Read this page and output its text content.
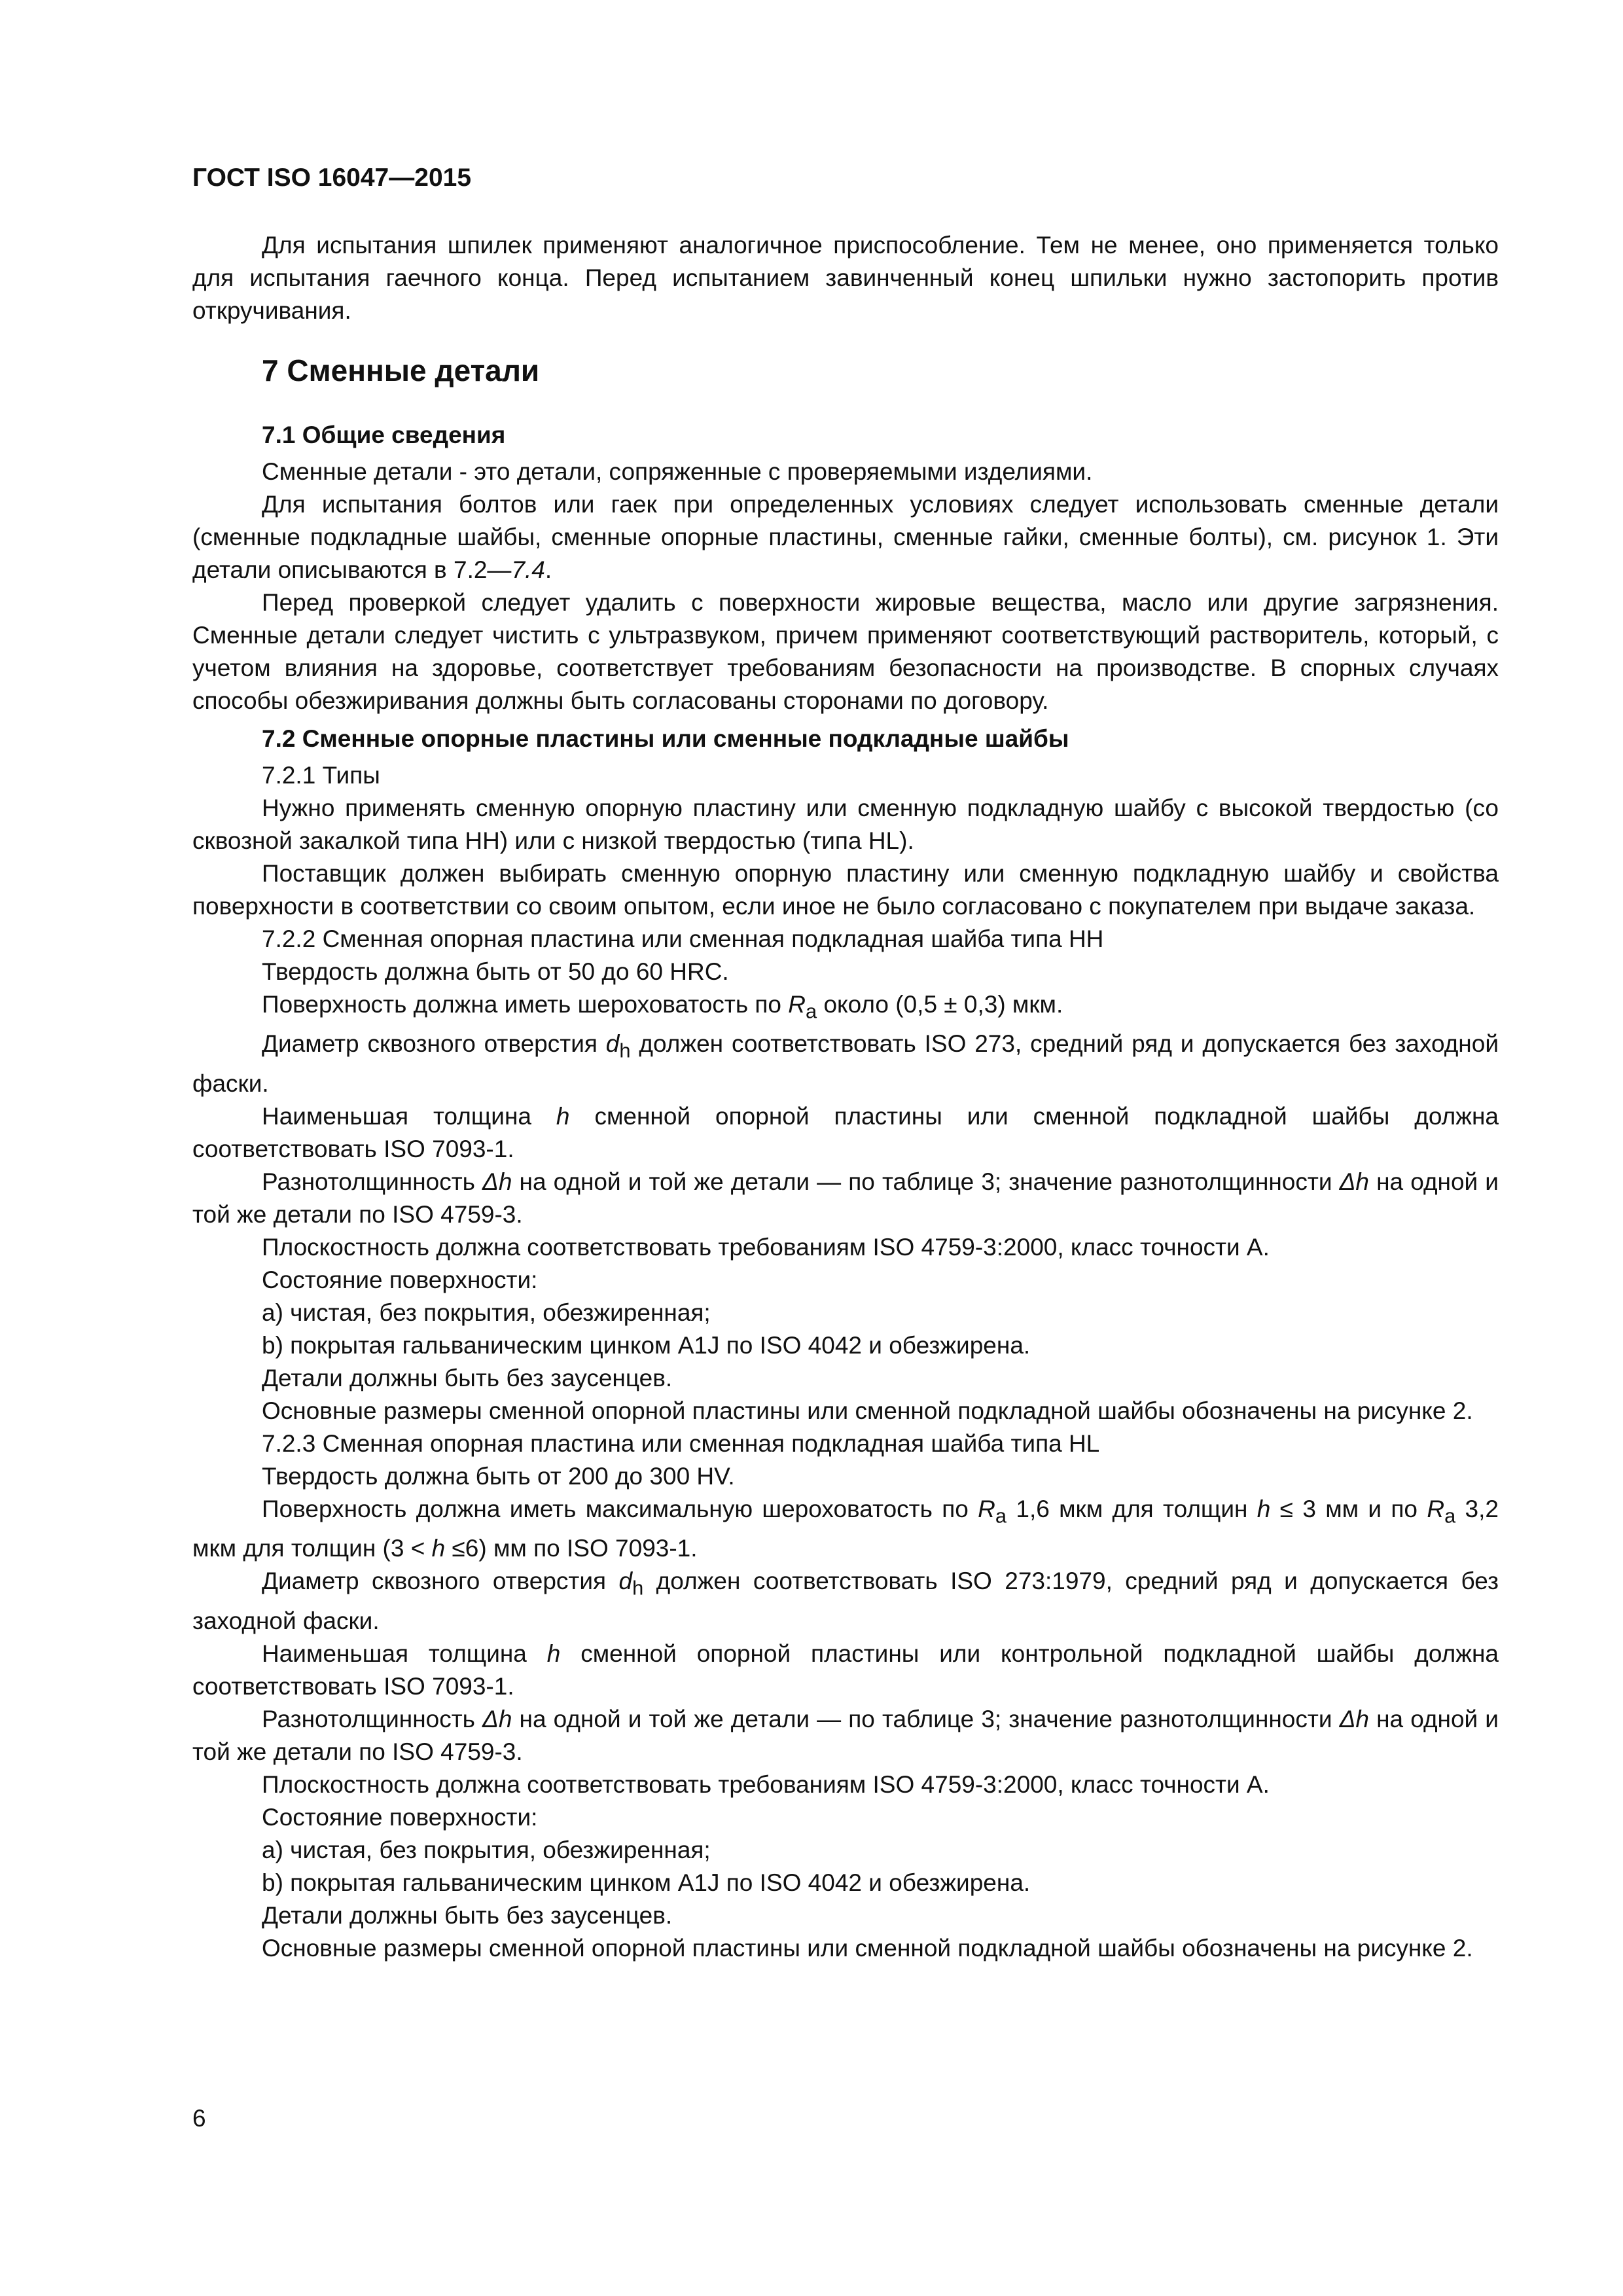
ГОСТ ISO 16047—2015

Для испытания шпилек применяют аналогичное приспособление. Тем не менее, оно применяется только для испытания гаечного конца. Перед испытанием завинченный конец шпильки нужно застопорить против откручивания.

7 Сменные детали
7.1 Общие сведения

Сменные детали - это детали, сопряженные с проверяемыми изделиями.

Для испытания болтов или гаек при определенных условиях следует использовать сменные детали (сменные подкладные шайбы, сменные опорные пластины, сменные гайки, сменные болты), см. рисунок 1. Эти детали описываются в 7.2—7.4.

Перед проверкой следует удалить с поверхности жировые вещества, масло или другие загрязнения. Сменные детали следует чистить с ультразвуком, причем применяют соответствующий растворитель, который, с учетом влияния на здоровье, соответствует требованиям безопасности на производстве. В спорных случаях способы обезжиривания должны быть согласованы сторонами по договору.

7.2 Сменные опорные пластины или сменные подкладные шайбы

7.2.1 Типы

Нужно применять сменную опорную пластину или сменную подкладную шайбу с высокой твердостью (со сквозной закалкой типа HH) или с низкой твердостью (типа HL).

Поставщик должен выбирать сменную опорную пластину или сменную подкладную шайбу и свойства поверхности в соответствии со своим опытом, если иное не было согласовано с покупателем при выдаче заказа.

7.2.2 Сменная опорная пластина или сменная подкладная шайба типа HH

Твердость должна быть от 50 до 60 HRC.

Поверхность должна иметь шероховатость по $R_a$ около (0,5 ± 0,3) мкм.

Диаметр сквозного отверстия $d_h$ должен соответствовать ISO 273, средний ряд и допускается без заходной фаски.

Наименьшая толщина h сменной опорной пластины или сменной подкладной шайбы должна соответствовать ISO 7093-1.

Разнотолщинность Δh на одной и той же детали — по таблице 3; значение разнотолщинности Δh на одной и той же детали по ISO 4759-3.

Плоскостность должна соответствовать требованиям ISO 4759-3:2000, класс точности A.

Состояние поверхности:

a) чистая, без покрытия, обезжиренная;

b) покрытая гальваническим цинком A1J по ISO 4042 и обезжирена.

Детали должны быть без заусенцев.

Основные размеры сменной опорной пластины или сменной подкладной шайбы обозначены на рисунке 2.

7.2.3 Сменная опорная пластина или сменная подкладная шайба типа HL

Твердость должна быть от 200 до 300 HV.

Поверхность должна иметь максимальную шероховатость по $R_a$ 1,6 мкм для толщин h ≤ 3 мм и по $R_a$ 3,2 мкм для толщин (3 < h ≤6) мм по ISO 7093-1.

Диаметр сквозного отверстия $d_h$ должен соответствовать ISO 273:1979, средний ряд и допускается без заходной фаски.

Наименьшая толщина h сменной опорной пластины или контрольной подкладной шайбы должна соответствовать ISO 7093-1.

Разнотолщинность Δh на одной и той же детали — по таблице 3; значение разнотолщинности Δh на одной и той же детали по ISO 4759-3.

Плоскостность должна соответствовать требованиям ISO 4759-3:2000, класс точности A.

Состояние поверхности:

a) чистая, без покрытия, обезжиренная;

b) покрытая гальваническим цинком A1J по ISO 4042 и обезжирена.

Детали должны быть без заусенцев.

Основные размеры сменной опорной пластины или сменной подкладной шайбы обозначены на рисунке 2.

6
